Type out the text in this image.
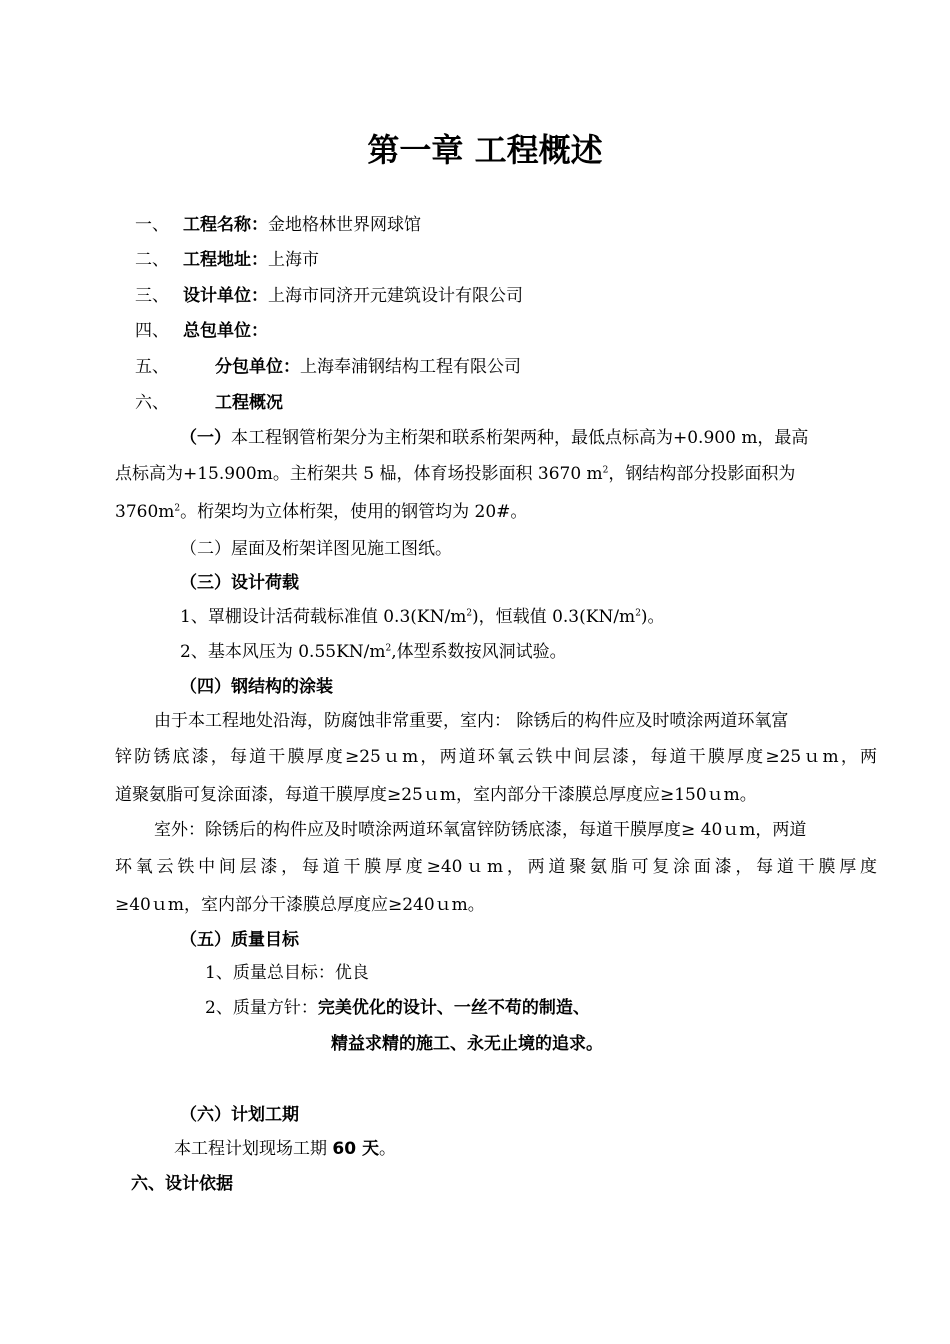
第一章 工程概述
一、 工程名称：金地格林世界网球馆
二、 工程地址：上海市
三、 设计单位：上海市同济开元建筑设计有限公司
四、 总包单位：
五、	分包单位：上海奉浦钢结构工程有限公司
六、	工程概况
（一）本工程钢管桁架分为主桁架和联系桁架两种，最低点标高为+0.900 m，最高
点标高为+15.900m。主桁架共 5 榀，体育场投影面积 3670 $m^2$，钢结构部分投影面积为
$3760m^2$。桁架均为立体桁架，使用的钢管均为 20#。
（二）屋面及桁架详图见施工图纸。
（三）设计荷载
1、罩棚设计活荷载标准值 $0.3(KN/m^2)$，恒载值 $0.3(KN/m^2)$。
2、基本风压为 $0.55KN/m^2$,体型系数按风洞试验。
（四）钢结构的涂装
由于本工程地处沿海，防腐蚀非常重要，室内： 除锈后的构件应及时喷涂两道环氧富
锌防锈底漆，每道干膜厚度≥25ｕm，两道环氧云铁中间层漆，每道干膜厚度≥25ｕm，两
道聚氨脂可复涂面漆，每道干膜厚度≥25ｕm，室内部分干漆膜总厚度应≥150ｕm。
室外：除锈后的构件应及时喷涂两道环氧富锌防锈底漆，每道干膜厚度≥ 40ｕm，两道
环氧云铁中间层漆，每道干膜厚度≥40ｕm，两道聚氨脂可复涂面漆，每道干膜厚度
≥40ｕm，室内部分干漆膜总厚度应≥240ｕm。
（五）质量目标
1、质量总目标：优良
2、质量方针：完美优化的设计、一丝不苟的制造、
精益求精的施工、永无止境的追求。
（六）计划工期
本工程计划现场工期 60 天。
六、设计依据
